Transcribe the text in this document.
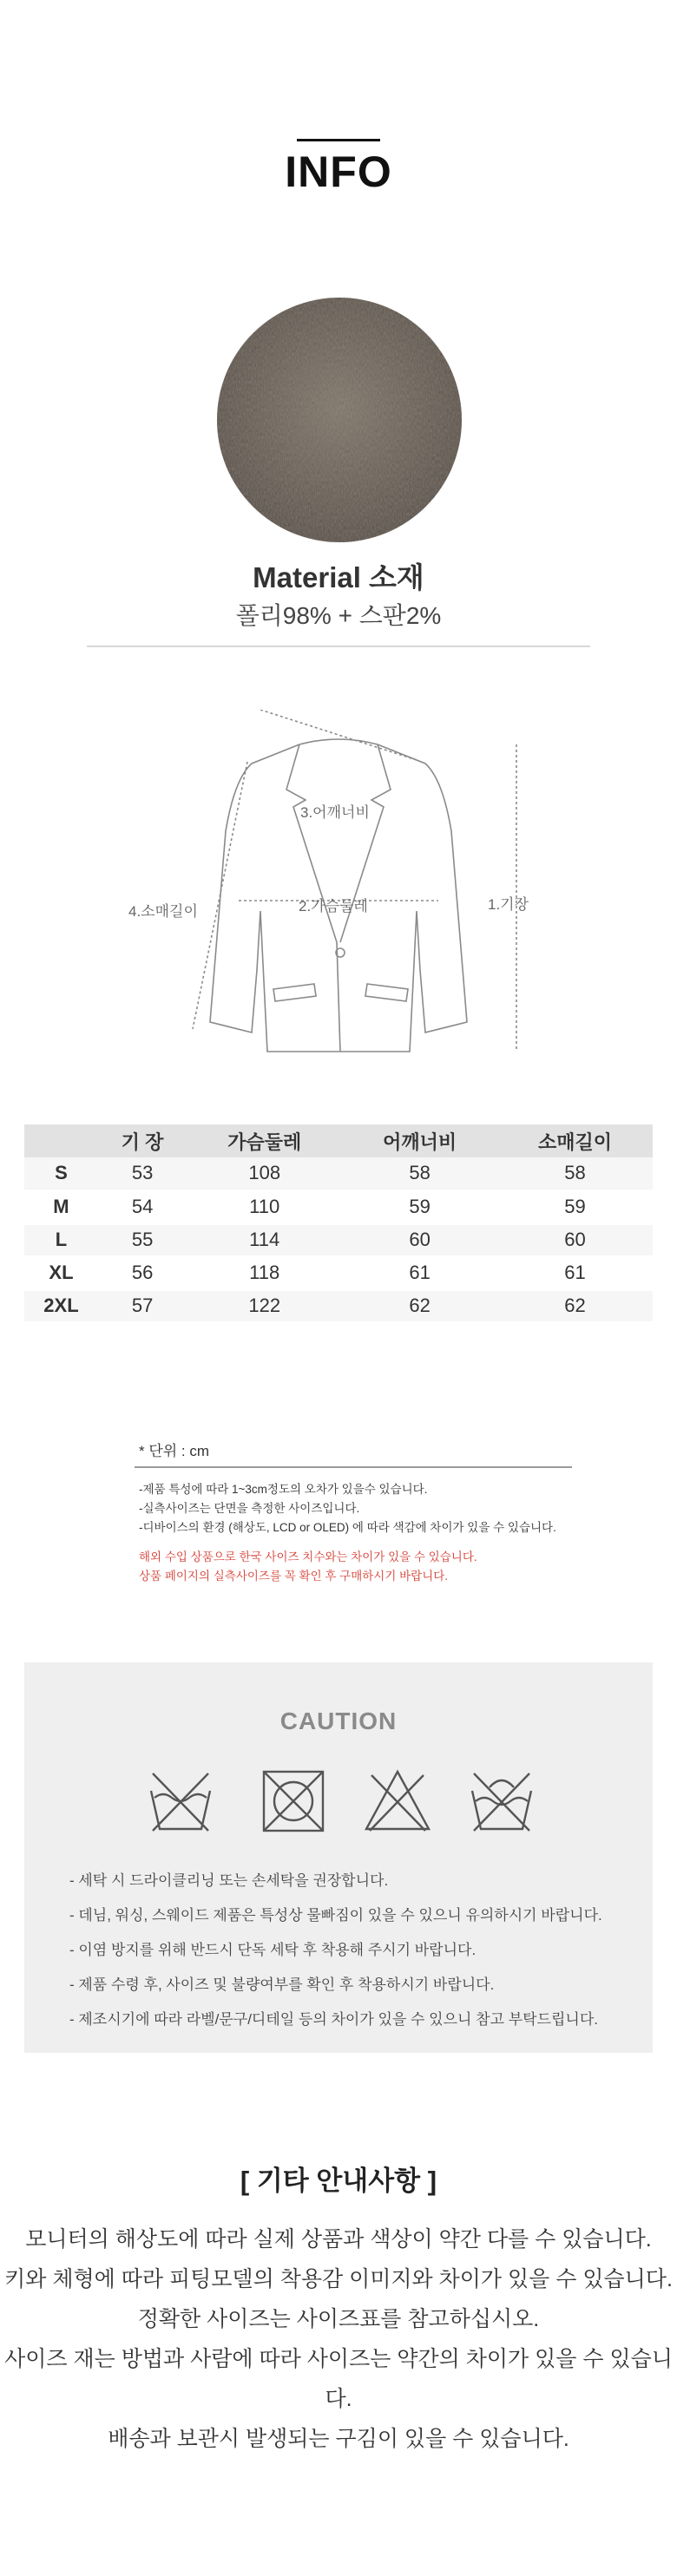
INFO
Material 소재
폴리98% + 스판2%
3.어깨너비
4.소매길이	2.가슴둘레	1.기장
	기 장	가슴둘레	어깨너비	소매길이
S	53	108	58	58
M	54	110	59	59
L	55	114	60	60
XL	56	118	61	61
2XL	57	122	62	62
* 단위 : cm
-제품 특성에 따라 1~3cm정도의 오차가 있을수 있습니다.
-실측사이즈는 단면을 측정한 사이즈입니다.
-디바이스의 환경 (해상도, LCD or OLED) 에 따라 색감에 차이가 있을 수 있습니다.
해외 수입 상품으로 한국 사이즈 치수와는 차이가 있을 수 있습니다.
상품 페이지의 실측사이즈를 꼭 확인 후 구매하시기 바랍니다.
CAUTION
- 세탁 시 드라이클리닝 또는 손세탁을 권장합니다.
- 데님, 워싱, 스웨이드 제품은 특성상 물빠짐이 있을 수 있으니 유의하시기 바랍니다.
- 이염 방지를 위해 반드시 단독 세탁 후 착용해 주시기 바랍니다.
- 제품 수령 후, 사이즈 및 불량여부를 확인 후 착용하시기 바랍니다.
- 제조시기에 따라 라벨/문구/디테일 등의 차이가 있을 수 있으니 참고 부탁드립니다.
[ 기타 안내사항 ]
모니터의 해상도에 따라 실제 상품과 색상이 약간 다를 수 있습니다.
키와 체형에 따라 피팅모델의 착용감 이미지와 차이가 있을 수 있습니다.
정확한 사이즈는 사이즈표를 참고하십시오.
사이즈 재는 방법과 사람에 따라 사이즈는 약간의 차이가 있을 수 있습니다.
배송과 보관시 발생되는 구김이 있을 수 있습니다.
